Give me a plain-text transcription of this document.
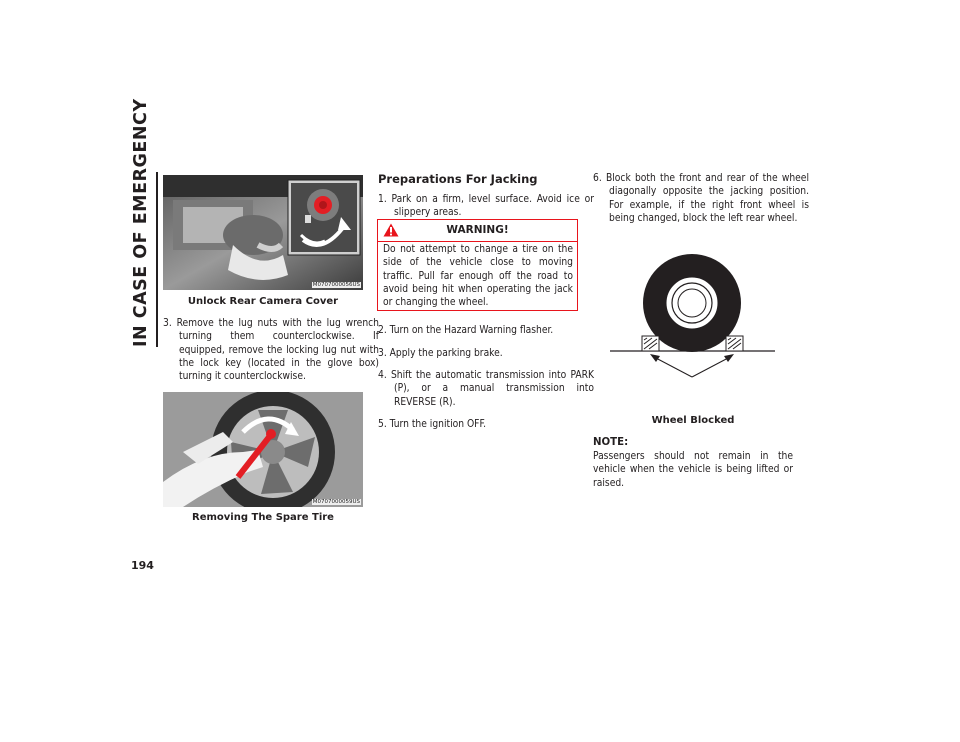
IN CASE OF EMERGENCY
194
M0707000056US
Unlock Rear Camera Cover
3. Remove the lug nuts with the lug wrench turning them counterclockwise. If equipped, remove the locking lug nut with the lock key (located in the glove box) turning it counterclockwise.
M0707000059US
Removing The Spare Tire
Preparations For Jacking
1. Park on a firm, level surface. Avoid ice or slippery areas.
WARNING!
Do not attempt to change a tire on the side of the vehicle close to moving traffic. Pull far enough off the road to avoid being hit when operating the jack or changing the wheel.
2. Turn on the Hazard Warning flasher.
3. Apply the parking brake.
4. Shift the automatic transmission into PARK (P), or a manual transmission into REVERSE (R).
5. Turn the ignition OFF.
6. Block both the front and rear of the wheel diagonally opposite the jacking position. For example, if the right front wheel is being changed, block the left rear wheel.
Wheel Blocked
NOTE:
Passengers should not remain in the vehicle when the vehicle is being lifted or raised.
